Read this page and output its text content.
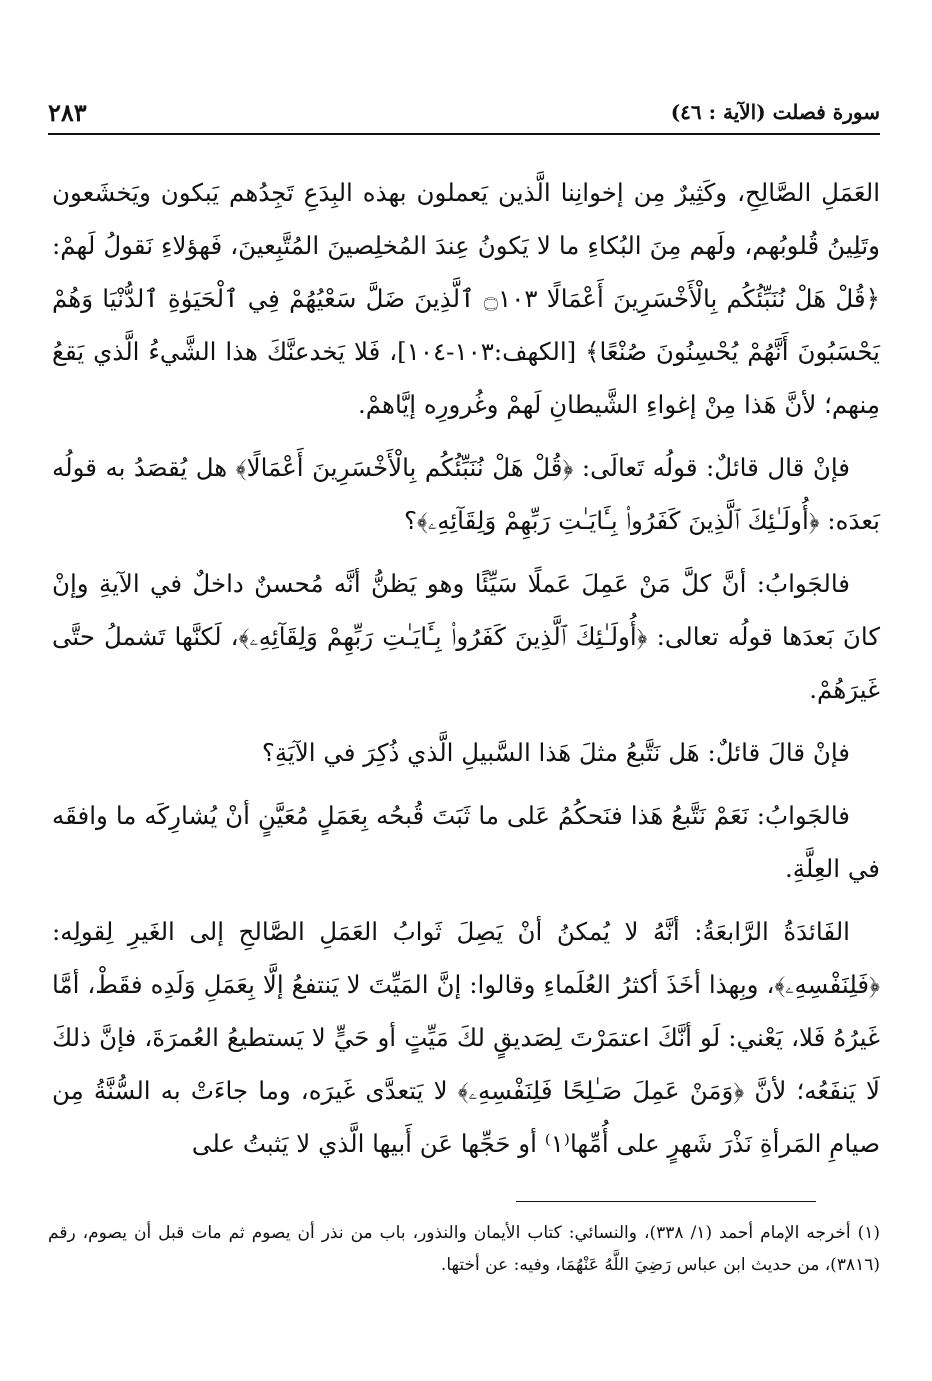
سورة فصلت (الآية : ٤٦)
٢٨٣

العَمَلِ الصَّالِحِ، وكَثِيرٌ مِن إخوانِنا الَّذين يَعملون بهذه البِدَعِ تَجِدُهم يَبكون ويَخشَعون وتَلِينُ قُلوبُهم، ولَهم مِنَ البُكاءِ ما لا يَكونُ عِندَ المُخلِصينَ المُتَّبِعينَ، فَهؤلاءِ نَقولُ لَهمْ: ﴿قُلْ هَلْ نُنَبِّئُكُم بِالْأَخْسَرِينَ أَعْمَالًا ۝١٠٣ ٱلَّذِينَ ضَلَّ سَعْيُهُمْ فِي ٱلْحَيَوٰةِ ٱلدُّنْيَا وَهُمْ يَحْسَبُونَ أَنَّهُمْ يُحْسِنُونَ صُنْعًا﴾ [الكهف:١٠٣-١٠٤]، فَلا يَخدعنَّكَ هذا الشَّيءُ الَّذي يَقعُ مِنهم؛ لأنَّ هَذا مِنْ إغواءِ الشَّيطانِ لَهمْ وغُرورِه إيَّاهمْ.

فإنْ قال قائلٌ: قولُه تَعالَى: ﴿قُلْ هَلْ نُنَبِّئُكُم بِالْأَخْسَرِينَ أَعْمَالًا﴾ هل يُقصَدُ به قولُه بَعدَه: ﴿أُولَـٰئِكَ ٱلَّذِينَ كَفَرُوا۟ بِـَٔايَـٰتِ رَبِّهِمْ وَلِقَآئِهِۦ﴾؟

فالجَوابُ: أنَّ كلَّ مَنْ عَمِلَ عَملًا سَيِّئًا وهو يَظنُّ أنَّه مُحسنٌ داخلٌ في الآيةِ وإنْ كانَ بَعدَها قولُه تعالى: ﴿أُولَـٰئِكَ ٱلَّذِينَ كَفَرُوا۟ بِـَٔايَـٰتِ رَبِّهِمْ وَلِقَآئِهِۦ﴾، لَكنَّها تَشملُ حتَّى غَيرَهُمْ.

فإنْ قالَ قائلٌ: هَل نَتَّبعُ مثلَ هَذا السَّبيلِ الَّذي ذُكِرَ في الآيَةِ؟

فالجَوابُ: نَعَمْ نَتَّبعُ هَذا فنَحكُمُ عَلى ما ثَبَتَ قُبحُه بِعَمَلٍ مُعَيَّنٍ أنْ يُشارِكَه ما وافقَه في العِلَّةِ.

الفَائدَةُ الرَّابعَةُ: أنَّهُ لا يُمكنُ أنْ يَصِلَ ثَوابُ العَمَلِ الصَّالحِ إلى الغَيرِ لِقولِه: ﴿فَلِنَفْسِهِۦ﴾، وبِهذا أخَذَ أكثرُ العُلَماءِ وقالوا: إنَّ المَيِّتَ لا يَنتفعُ إلَّا بِعَمَلِ وَلَدِه فقَطْ، أمَّا غَيرُهُ فَلا، يَعْني: لَو أنَّكَ اعتمَرْتَ لِصَديقٍ لكَ مَيِّتٍ أو حَيٍّ لا يَستطيعُ العُمرَةَ، فإنَّ ذلكَ لَا يَنفَعُه؛ لأنَّ ﴿وَمَنْ عَمِلَ صَـٰلِحًا فَلِنَفْسِهِۦ﴾ لا يَتعدَّى غَيرَه، وما جاءَتْ به السُّنَّةُ مِن صيامِ المَرأةِ نَذْرَ شَهرٍ على أُمِّها⁽١⁾ أو حَجِّها عَن أَبيها الَّذي لا يَثبتُ على

(١) أخرجه الإمام أحمد (١/ ٣٣٨)، والنسائي: كتاب الأيمان والنذور، باب من نذر أن يصوم ثم مات قبل أن يصوم، رقم (٣٨١٦)، من حديث ابن عباس رَضِيَ اللَّهُ عَنْهُمَا، وفيه: عن أختها.
